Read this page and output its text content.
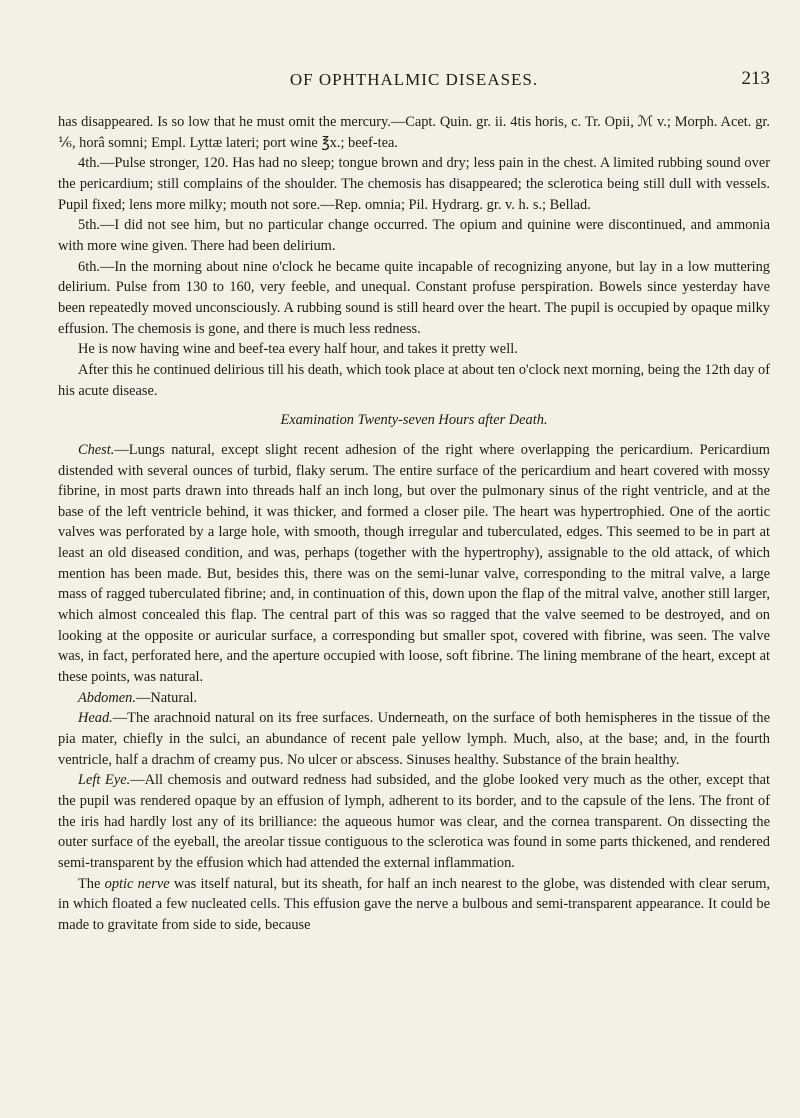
OF OPHTHALMIC DISEASES.	213

has disappeared. Is so low that he must omit the mercury.—Capt. Quin. gr. ii. 4tis horis, c. Tr. Opii, ℳ v.; Morph. Acet. gr. ⅙, horâ somni; Empl. Lyttæ lateri; port wine ℥x.; beef-tea.

4th.—Pulse stronger, 120. Has had no sleep; tongue brown and dry; less pain in the chest. A limited rubbing sound over the pericardium; still complains of the shoulder. The chemosis has disappeared; the sclerotica being still dull with vessels. Pupil fixed; lens more milky; mouth not sore.—Rep. omnia; Pil. Hydrarg. gr. v. h. s.; Bellad.

5th.—I did not see him, but no particular change occurred. The opium and quinine were discontinued, and ammonia with more wine given. There had been delirium.

6th.—In the morning about nine o'clock he became quite incapable of recognizing anyone, but lay in a low muttering delirium. Pulse from 130 to 160, very feeble, and unequal. Constant profuse perspiration. Bowels since yesterday have been repeatedly moved unconsciously. A rubbing sound is still heard over the heart. The pupil is occupied by opaque milky effusion. The chemosis is gone, and there is much less redness.

He is now having wine and beef-tea every half hour, and takes it pretty well.

After this he continued delirious till his death, which took place at about ten o'clock next morning, being the 12th day of his acute disease.

Examination Twenty-seven Hours after Death.

Chest.—Lungs natural, except slight recent adhesion of the right where overlapping the pericardium. Pericardium distended with several ounces of turbid, flaky serum. The entire surface of the pericardium and heart covered with mossy fibrine, in most parts drawn into threads half an inch long, but over the pulmonary sinus of the right ventricle, and at the base of the left ventricle behind, it was thicker, and formed a closer pile. The heart was hypertrophied. One of the aortic valves was perforated by a large hole, with smooth, though irregular and tuberculated, edges. This seemed to be in part at least an old diseased condition, and was, perhaps (together with the hypertrophy), assignable to the old attack, of which mention has been made. But, besides this, there was on the semi-lunar valve, corresponding to the mitral valve, a large mass of ragged tuberculated fibrine; and, in continuation of this, down upon the flap of the mitral valve, another still larger, which almost concealed this flap. The central part of this was so ragged that the valve seemed to be destroyed, and on looking at the opposite or auricular surface, a corresponding but smaller spot, covered with fibrine, was seen. The valve was, in fact, perforated here, and the aperture occupied with loose, soft fibrine. The lining membrane of the heart, except at these points, was natural.

Abdomen.—Natural.

Head.—The arachnoid natural on its free surfaces. Underneath, on the surface of both hemispheres in the tissue of the pia mater, chiefly in the sulci, an abundance of recent pale yellow lymph. Much, also, at the base; and, in the fourth ventricle, half a drachm of creamy pus. No ulcer or abscess. Sinuses healthy. Substance of the brain healthy.

Left Eye.—All chemosis and outward redness had subsided, and the globe looked very much as the other, except that the pupil was rendered opaque by an effusion of lymph, adherent to its border, and to the capsule of the lens. The front of the iris had hardly lost any of its brilliance: the aqueous humor was clear, and the cornea transparent. On dissecting the outer surface of the eyeball, the areolar tissue contiguous to the sclerotica was found in some parts thickened, and rendered semi-transparent by the effusion which had attended the external inflammation.

The optic nerve was itself natural, but its sheath, for half an inch nearest to the globe, was distended with clear serum, in which floated a few nucleated cells. This effusion gave the nerve a bulbous and semi-transparent appearance. It could be made to gravitate from side to side, because
